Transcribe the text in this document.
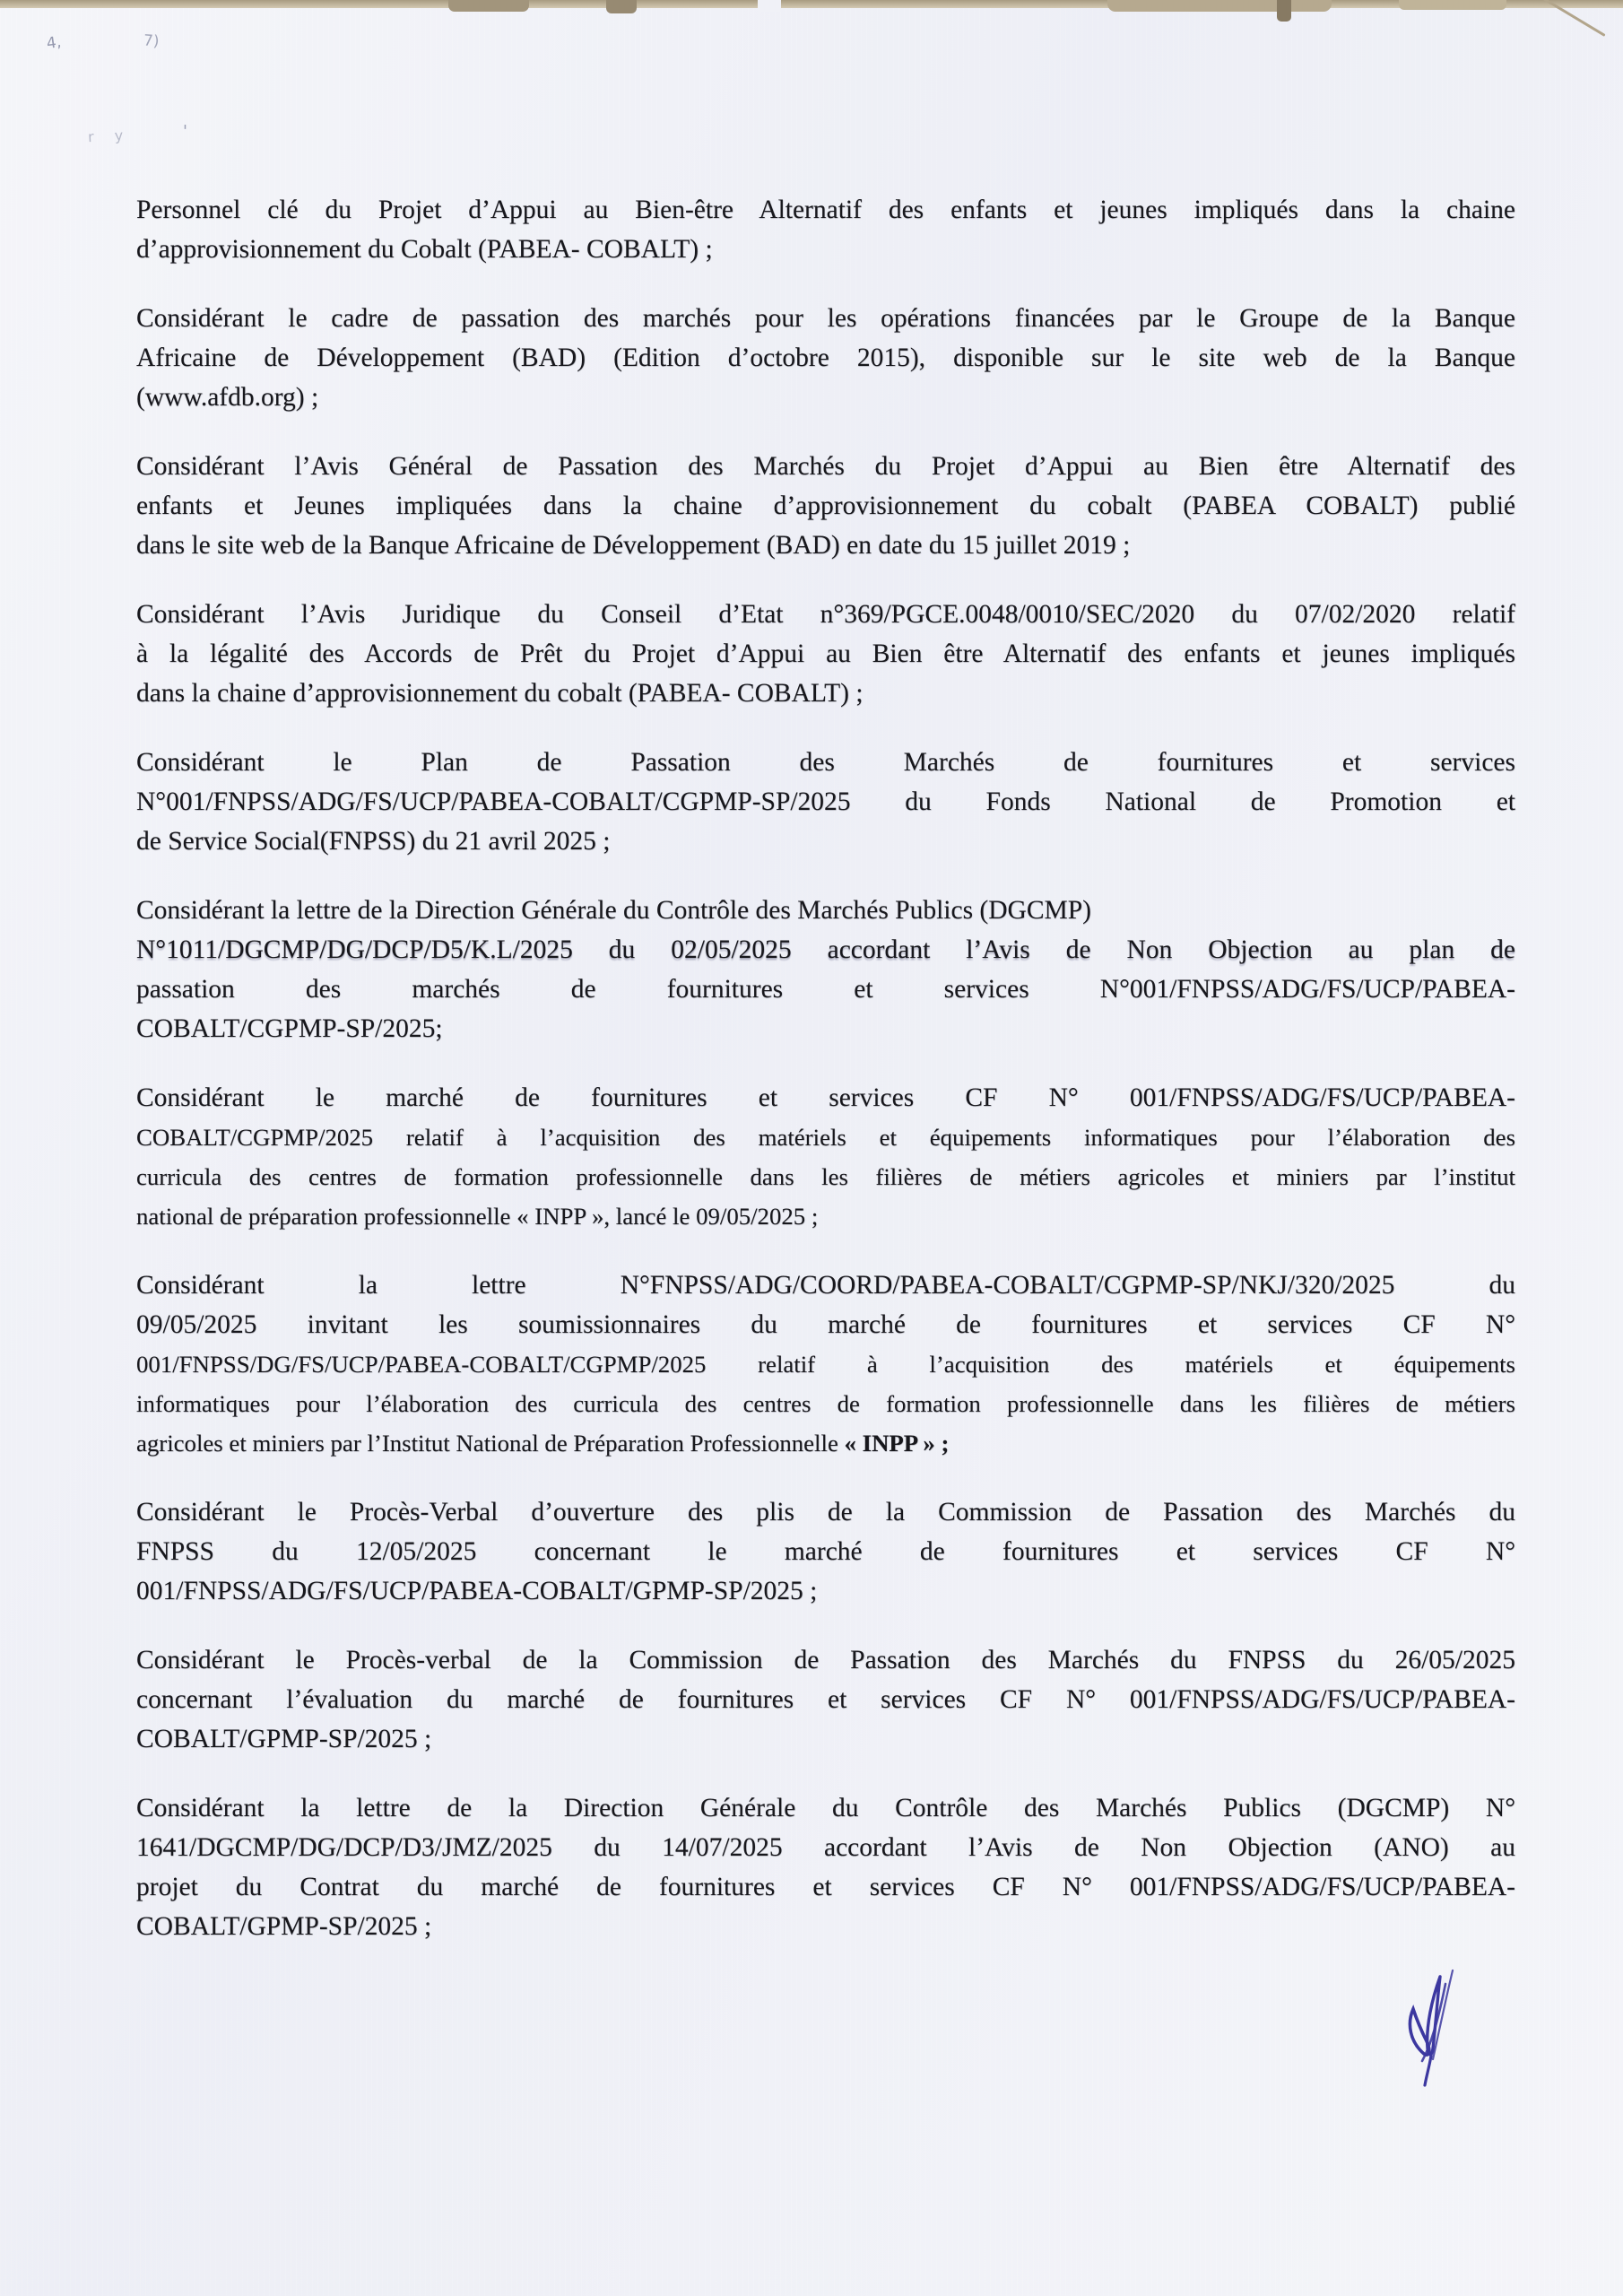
4,	7)
r y	'
Personnel clé du Projet d’Appui au Bien-être Alternatif des enfants et jeunes impliqués dans la chaine
d’approvisionnement du Cobalt (PABEA- COBALT) ;
Considérant le cadre de passation des marchés pour les opérations financées par le Groupe de la Banque
Africaine de Développement (BAD) (Edition d’octobre 2015), disponible sur le site web de la Banque
(www.afdb.org) ;
Considérant l’Avis Général de Passation des Marchés du Projet d’Appui au Bien être Alternatif des
enfants et Jeunes impliquées dans la chaine d’approvisionnement du cobalt (PABEA COBALT) publié
dans le site web de la Banque Africaine de Développement (BAD) en date du 15 juillet 2019 ;
Considérant l’Avis Juridique du Conseil d’Etat n°369/PGCE.0048/0010/SEC/2020 du 07/02/2020 relatif
à la légalité des Accords de Prêt du Projet d’Appui au Bien être Alternatif des enfants et jeunes impliqués
dans la chaine d’approvisionnement du cobalt (PABEA- COBALT) ;
Considérant le Plan de Passation des Marchés de fournitures et services
N°001/FNPSS/ADG/FS/UCP/PABEA-COBALT/CGPMP-SP/2025 du Fonds National de Promotion et
de Service Social(FNPSS) du 21 avril 2025 ;
Considérant la lettre de la Direction Générale du Contrôle des Marchés Publics (DGCMP)
N°1011/DGCMP/DG/DCP/D5/K.L/2025 du 02/05/2025 accordant l’Avis de Non Objection au plan de
passation des marchés de fournitures et services N°001/FNPSS/ADG/FS/UCP/PABEA-
COBALT/CGPMP-SP/2025;
Considérant le marché de fournitures et services CF N° 001/FNPSS/ADG/FS/UCP/PABEA-
COBALT/CGPMP/2025 relatif à l’acquisition des matériels et équipements informatiques pour l’élaboration des
curricula des centres de formation professionnelle dans les filières de métiers agricoles et miniers par l’institut
national de préparation professionnelle « INPP », lancé le 09/05/2025 ;
Considérant la lettre N°FNPSS/ADG/COORD/PABEA-COBALT/CGPMP-SP/NKJ/320/2025 du
09/05/2025 invitant les soumissionnaires du marché de fournitures et services CF N°
001/FNPSS/DG/FS/UCP/PABEA-COBALT/CGPMP/2025 relatif à l’acquisition des matériels et équipements
informatiques pour l’élaboration des curricula des centres de formation professionnelle dans les filières de métiers
agricoles et miniers par l’Institut National de Préparation Professionnelle « INPP » ;
Considérant le Procès-Verbal d’ouverture des plis de la Commission de Passation des Marchés du
FNPSS du 12/05/2025 concernant le marché de fournitures et services CF N°
001/FNPSS/ADG/FS/UCP/PABEA-COBALT/GPMP-SP/2025 ;
Considérant le Procès-verbal de la Commission de Passation des Marchés du FNPSS du 26/05/2025
concernant l’évaluation du marché de fournitures et services CF N° 001/FNPSS/ADG/FS/UCP/PABEA-
COBALT/GPMP-SP/2025 ;
Considérant la lettre de la Direction Générale du Contrôle des Marchés Publics (DGCMP) N°
1641/DGCMP/DG/DCP/D3/JMZ/2025 du 14/07/2025 accordant l’Avis de Non Objection (ANO) au
projet du Contrat du marché de fournitures et services CF N° 001/FNPSS/ADG/FS/UCP/PABEA-
COBALT/GPMP-SP/2025 ;
